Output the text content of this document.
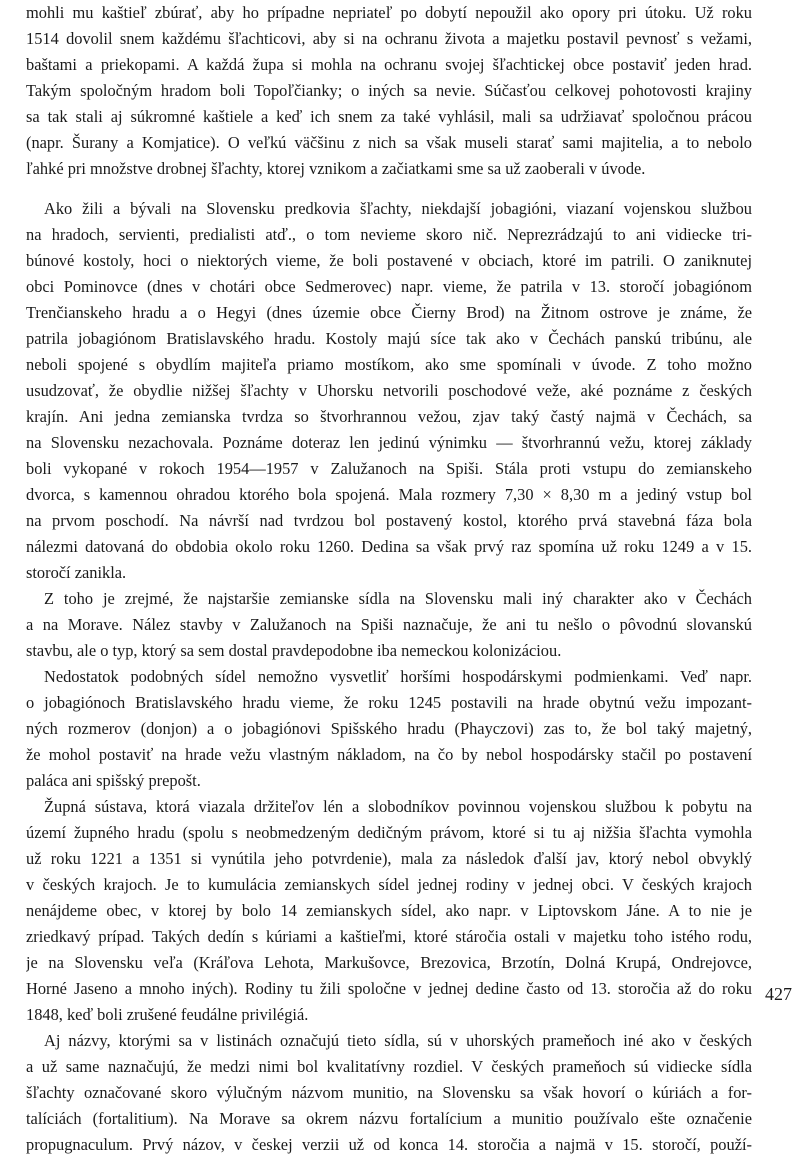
mohli mu kaštieľ zbúrať, aby ho prípadne nepriateľ po dobytí nepoužil ako opory pri útoku. Už roku
1514 dovolil snem každému šľachticovi, aby si na ochranu života a majetku postavil pevnosť s vežami,
baštami a priekopami. A každá župa si mohla na ochranu svojej šľachtickej obce postaviť jeden hrad.
Takým spoločným hradom boli Topoľčianky; o iných sa nevie. Súčasťou celkovej pohotovosti krajiny
sa tak stali aj súkromné kaštiele a keď ich snem za také vyhlásil, mali sa udržiavať spoločnou prácou
(napr. Šurany a Komjatice). O veľkú väčšinu z nich sa však museli starať sami majitelia, a to nebolo
ľahké pri množstve drobnej šľachty, ktorej vznikom a začiatkami sme sa už zaoberali v úvode.
Ako žili a bývali na Slovensku predkovia šľachty, niekdajší jobagióni, viazaní vojenskou službou
na hradoch, servienti, predialisti atď., o tom nevieme skoro nič. Neprezrádzajú to ani vidiecke tri-
búnové kostoly, hoci o niektorých vieme, že boli postavené v obciach, ktoré im patrili. O zaniknutej
obci Pominovce (dnes v chotári obce Sedmerovec) napr. vieme, že patrila v 13. storočí jobagiónom
Trenčianskeho hradu a o Hegyi (dnes územie obce Čierny Brod) na Žitnom ostrove je známe, že
patrila jobagiónom Bratislavského hradu. Kostoly majú síce tak ako v Čechách panskú tribúnu, ale
neboli spojené s obydlím majiteľa priamo mostíkom, ako sme spomínali v úvode. Z toho možno
usudzovať, že obydlie nižšej šľachty v Uhorsku netvorili poschodové veže, aké poznáme z českých
krajín. Ani jedna zemianska tvrdza so štvorhrannou vežou, zjav taký častý najmä v Čechách, sa
na Slovensku nezachovala. Poznáme doteraz len jedinú výnimku — štvorhrannú vežu, ktorej základy
boli vykopané v rokoch 1954—1957 v Zalužanoch na Spiši. Stála proti vstupu do zemianskeho
dvorca, s kamennou ohradou ktorého bola spojená. Mala rozmery 7,30 × 8,30 m a jediný vstup bol
na prvom poschodí. Na návrší nad tvrdzou bol postavený kostol, ktorého prvá stavebná fáza bola
nálezmi datovaná do obdobia okolo roku 1260. Dedina sa však prvý raz spomína už roku 1249 a v 15.
storočí zanikla.
Z toho je zrejmé, že najstaršie zemianske sídla na Slovensku mali iný charakter ako v Čechách
a na Morave. Nález stavby v Zalužanoch na Spiši naznačuje, že ani tu nešlo o pôvodnú slovanskú
stavbu, ale o typ, ktorý sa sem dostal pravdepodobne iba nemeckou kolonizáciou.
Nedostatok podobných sídel nemožno vysvetliť horšími hospodárskymi podmienkami. Veď napr.
o jobagiónoch Bratislavského hradu vieme, že roku 1245 postavili na hrade obytnú vežu impozant-
ných rozmerov (donjon) a o jobagiónovi Spišského hradu (Phayczovi) zas to, že bol taký majetný,
že mohol postaviť na hrade vežu vlastným nákladom, na čo by nebol hospodársky stačil po postavení
paláca ani spišský prepošt.
Župná sústava, ktorá viazala držiteľov lén a slobodníkov povinnou vojenskou službou k pobytu na
území župného hradu (spolu s neobmedzeným dedičným právom, ktoré si tu aj nižšia šľachta vymohla
už roku 1221 a 1351 si vynútila jeho potvrdenie), mala za následok ďalší jav, ktorý nebol obvyklý
v českých krajoch. Je to kumulácia zemianskych sídel jednej rodiny v jednej obci. V českých krajoch
nenájdeme obec, v ktorej by bolo 14 zemianskych sídel, ako napr. v Liptovskom Jáne. A to nie je
zriedkavý prípad. Takých dedín s kúriami a kaštieľmi, ktoré stáročia ostali v majetku toho istého rodu,
je na Slovensku veľa (Kráľova Lehota, Markušovce, Brezovica, Brzotín, Dolná Krupá, Ondrejovce,
Horné Jaseno a mnoho iných). Rodiny tu žili spoločne v jednej dedine často od 13. storočia až do roku
1848, keď boli zrušené feudálne privilégiá.
Aj názvy, ktorými sa v listinách označujú tieto sídla, sú v uhorských prameňoch iné ako v českých
a už same naznačujú, že medzi nimi bol kvalitatívny rozdiel. V českých prameňoch sú vidiecke sídla
šľachty označované skoro výlučným názvom munitio, na Slovensku sa však hovorí o kúriách a for-
talíciách (fortalitium). Na Morave sa okrem názvu fortalícium a munitio používalo ešte označenie
propugnaculum. Prvý názov, v českej verzii už od konca 14. storočia a najmä v 15. storočí, použí-
427
